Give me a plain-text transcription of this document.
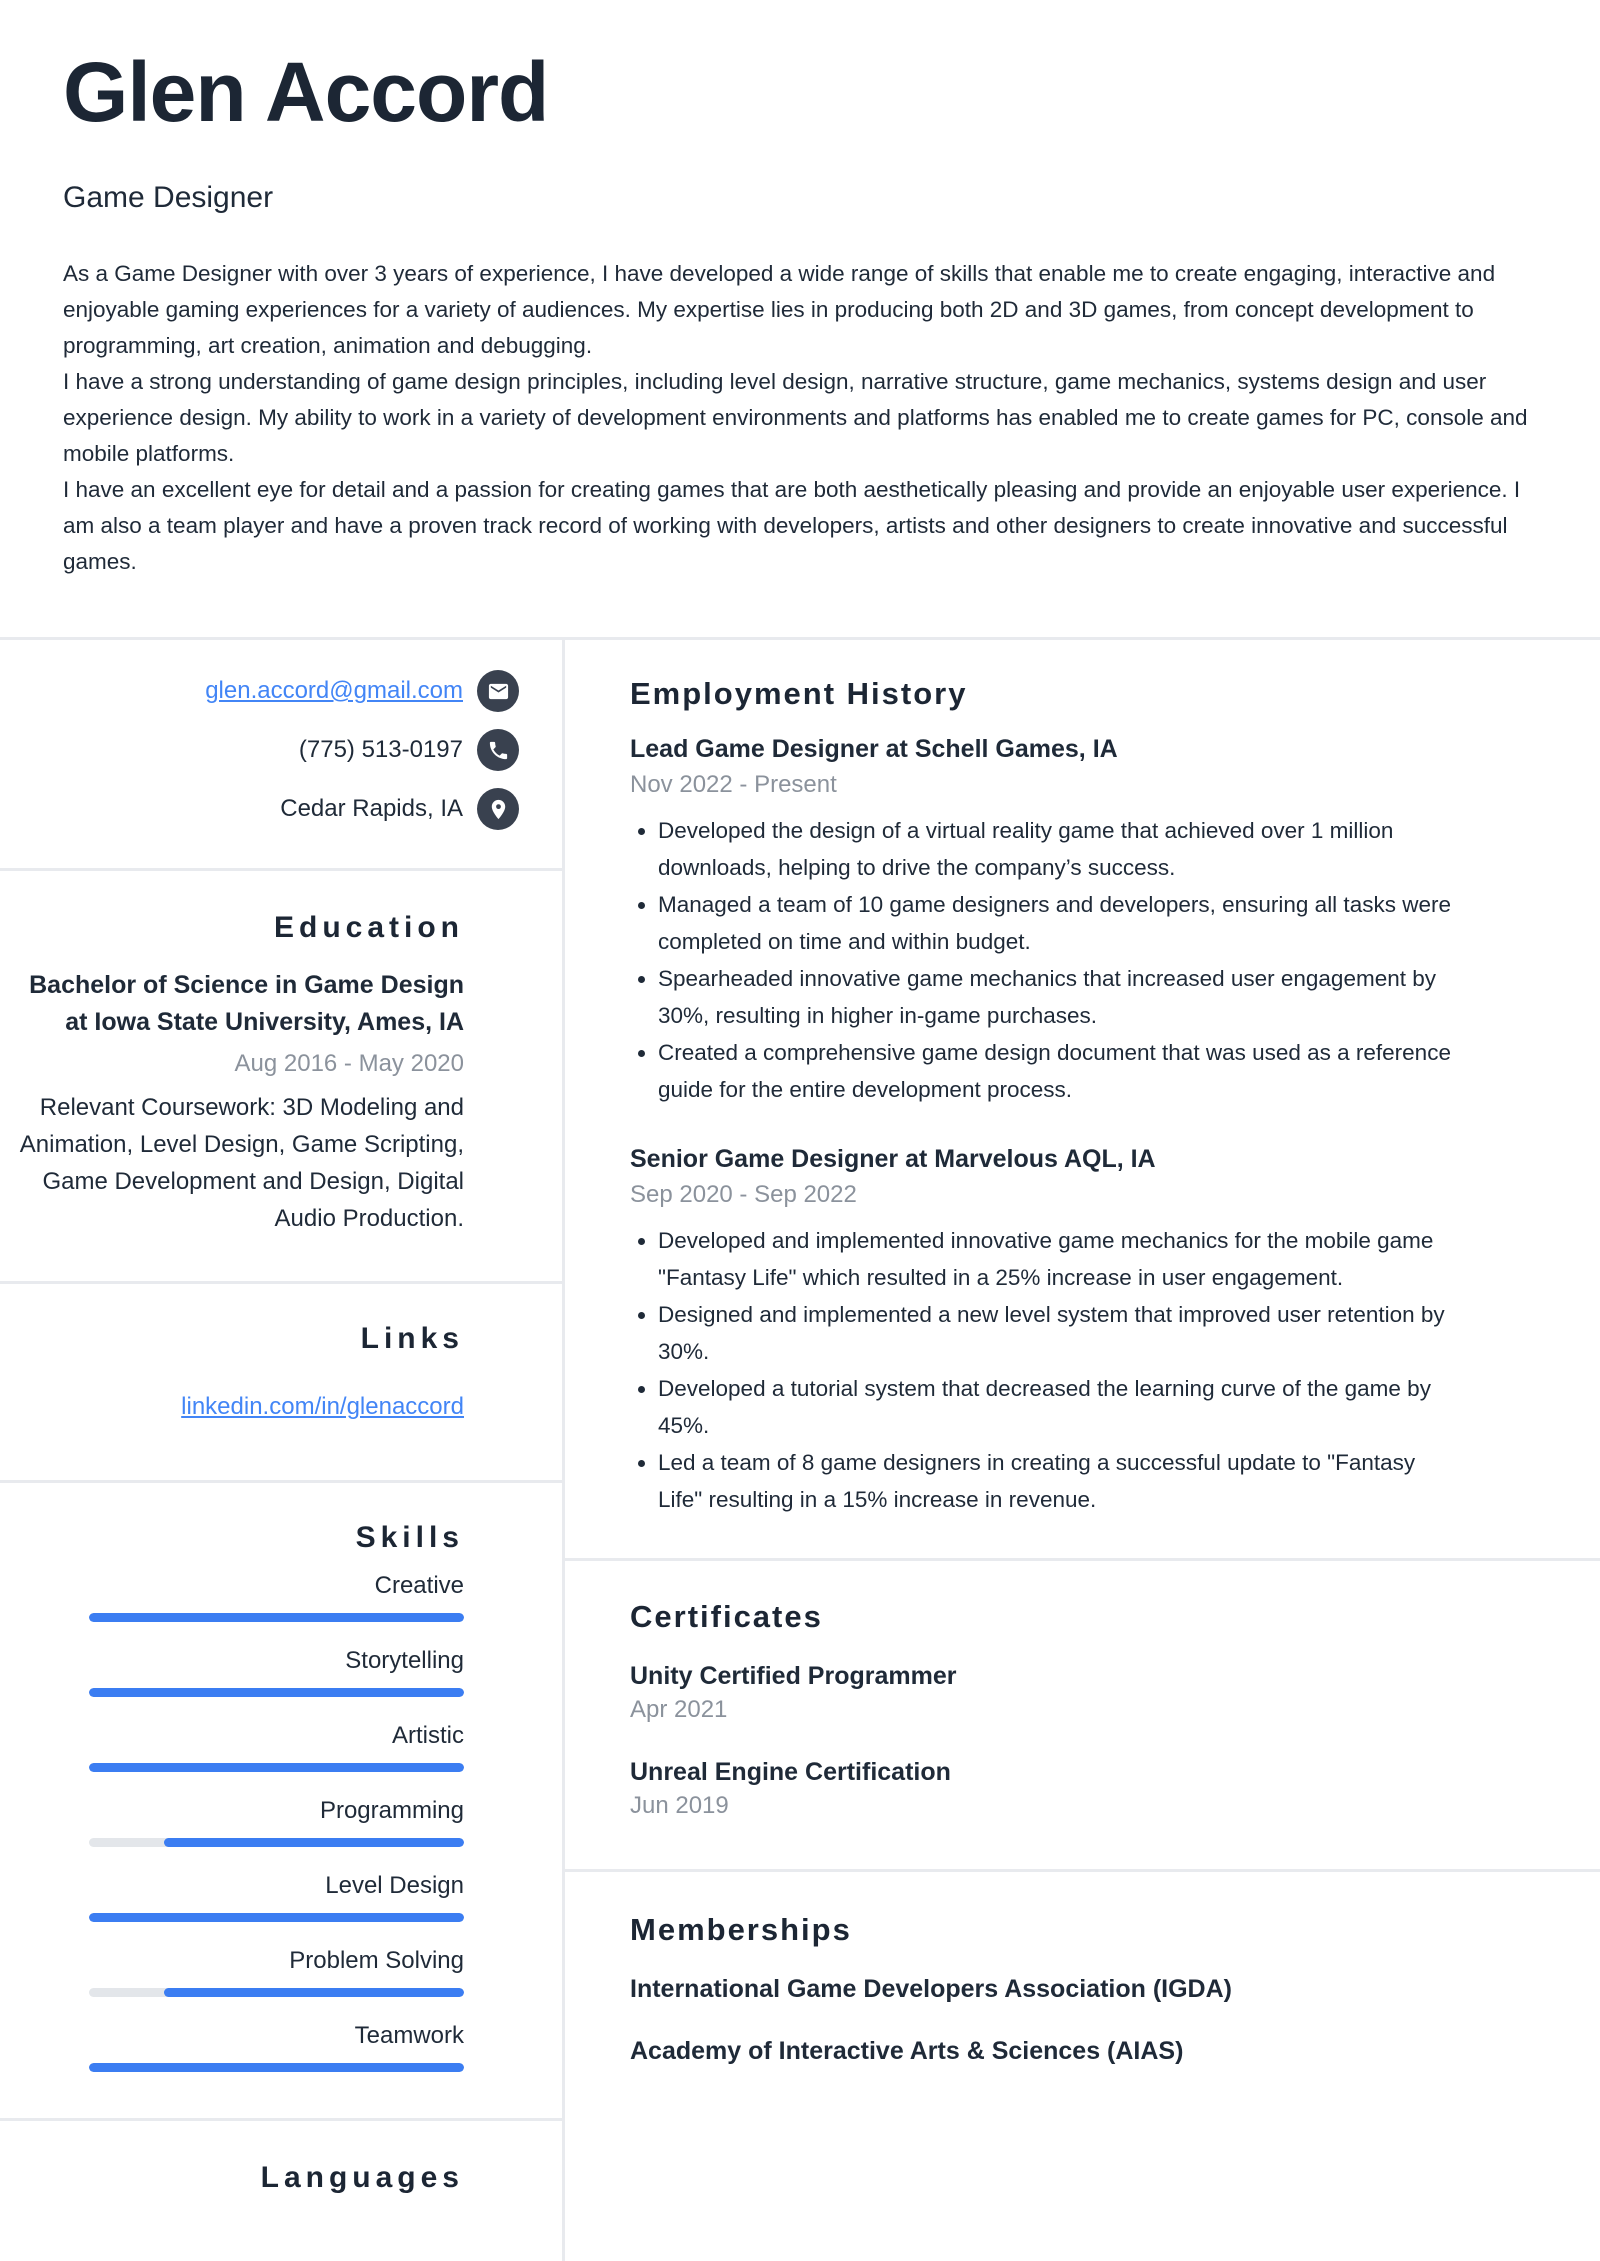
Glen Accord
Game Designer

As a Game Designer with over 3 years of experience, I have developed a wide range of skills that enable me to create engaging, interactive and enjoyable gaming experiences for a variety of audiences. My expertise lies in producing both 2D and 3D games, from concept development to programming, art creation, animation and debugging.
I have a strong understanding of game design principles, including level design, narrative structure, game mechanics, systems design and user experience design. My ability to work in a variety of development environments and platforms has enabled me to create games for PC, console and mobile platforms.
I have an excellent eye for detail and a passion for creating games that are both aesthetically pleasing and provide an enjoyable user experience. I am also a team player and have a proven track record of working with developers, artists and other designers to create innovative and successful games.

glen.accord@gmail.com
(775) 513-0197
Cedar Rapids, IA
Education
Bachelor of Science in Game Design at Iowa State University, Ames, IA
Aug 2016 - May 2020
Relevant Coursework: 3D Modeling and Animation, Level Design, Game Scripting, Game Development and Design, Digital Audio Production.
Links

linkedin.com/in/glenaccord
Skills
Creative
Storytelling
Artistic
Programming
Level Design
Problem Solving
Teamwork
Languages
Employment History
Lead Game Designer at Schell Games, IA
Nov 2022 - Present
• Developed the design of a virtual reality game that achieved over 1 million downloads, helping to drive the company’s success.
• Managed a team of 10 game designers and developers, ensuring all tasks were completed on time and within budget.
• Spearheaded innovative game mechanics that increased user engagement by 30%, resulting in higher in-game purchases.
• Created a comprehensive game design document that was used as a reference guide for the entire development process.
Senior Game Designer at Marvelous AQL, IA
Sep 2020 - Sep 2022
• Developed and implemented innovative game mechanics for the mobile game "Fantasy Life" which resulted in a 25% increase in user engagement.
• Designed and implemented a new level system that improved user retention by 30%.
• Developed a tutorial system that decreased the learning curve of the game by 45%.
• Led a team of 8 game designers in creating a successful update to "Fantasy Life" resulting in a 15% increase in revenue.
Certificates
Unity Certified Programmer
Apr 2021
Unreal Engine Certification
Jun 2019
Memberships
International Game Developers Association (IGDA)
Academy of Interactive Arts & Sciences (AIAS)
